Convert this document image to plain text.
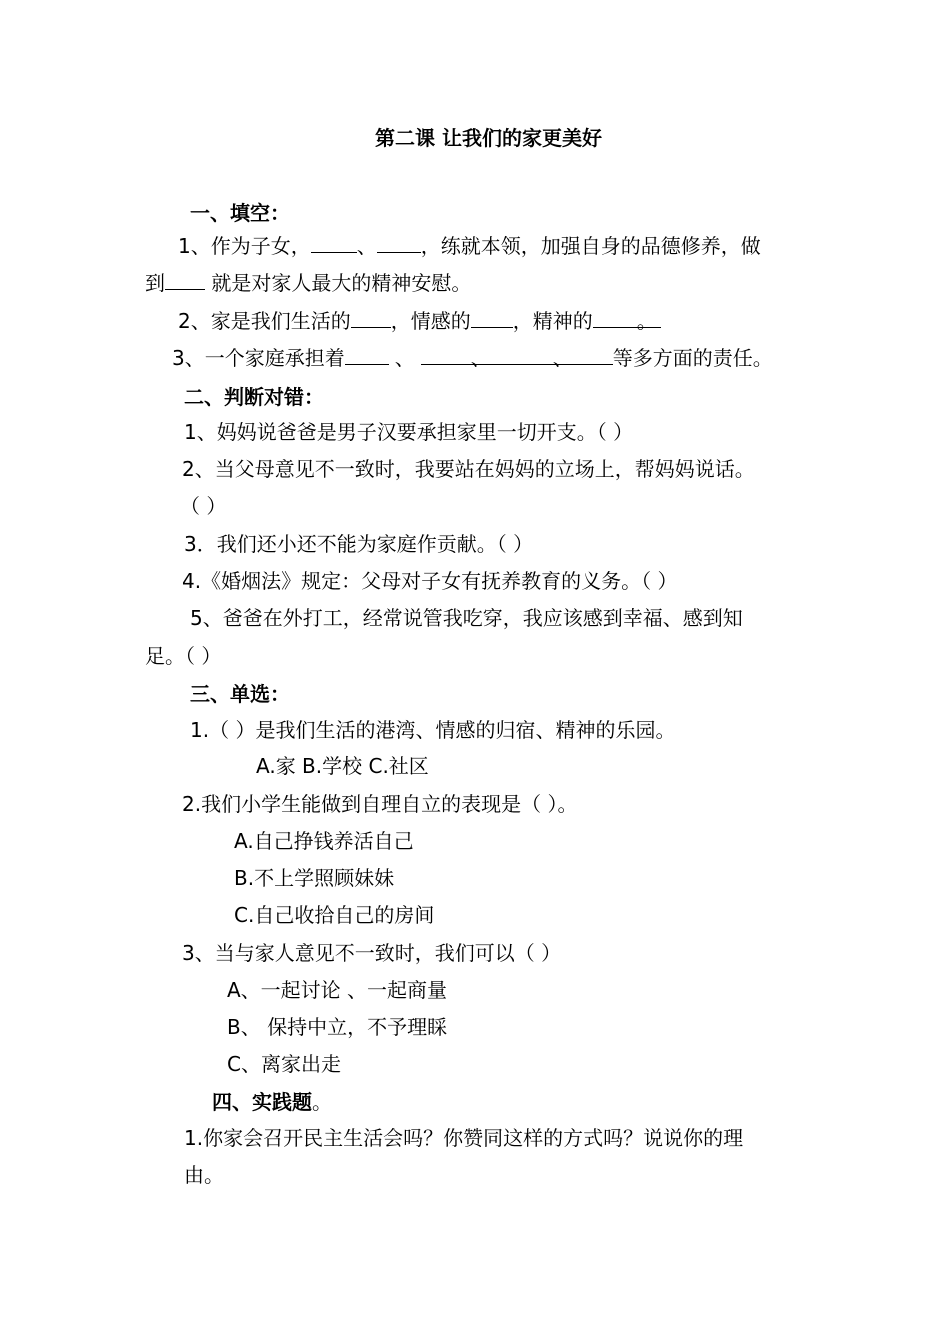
第二课 让我们的家更美好
一、填空：
1、作为子女， 、 ，练就本领，加强自身的品德修养，做
到 就是对家人最大的精神安慰。
2、家是我们生活的 ，情感的 ，精神的 。
3、一个家庭承担着	、	、	、 等多方面的责任。
二、判断对错：
1、妈妈说爸爸是男子汉要承担家里一切开支。（ ）
2、当父母意见不一致时，我要站在妈妈的立场上，帮妈妈说话。
（ ）
3．我们还小还不能为家庭作贡献。（ ）
4.《婚烟法》规定：父母对子女有抚养教育的义务。（ ）
5、爸爸在外打工，经常说管我吃穿，我应该感到幸福、感到知
足。（ ）
三、单选：
1.（ ）是我们生活的港湾、情感的归宿、精神的乐园。
A.家 B.学校 C.社区
2.我们小学生能做到自理自立的表现是（ ）。
A.自己挣钱养活自己
B.不上学照顾妹妹
C.自己收拾自己的房间
3、当与家人意见不一致时，我们可以（ ）
A、一起讨论 、一起商量
B、 保持中立，不予理睬
C、离家出走
四、实践题。
1.你家会召开民主生活会吗？你赞同这样的方式吗？说说你的理
由。
